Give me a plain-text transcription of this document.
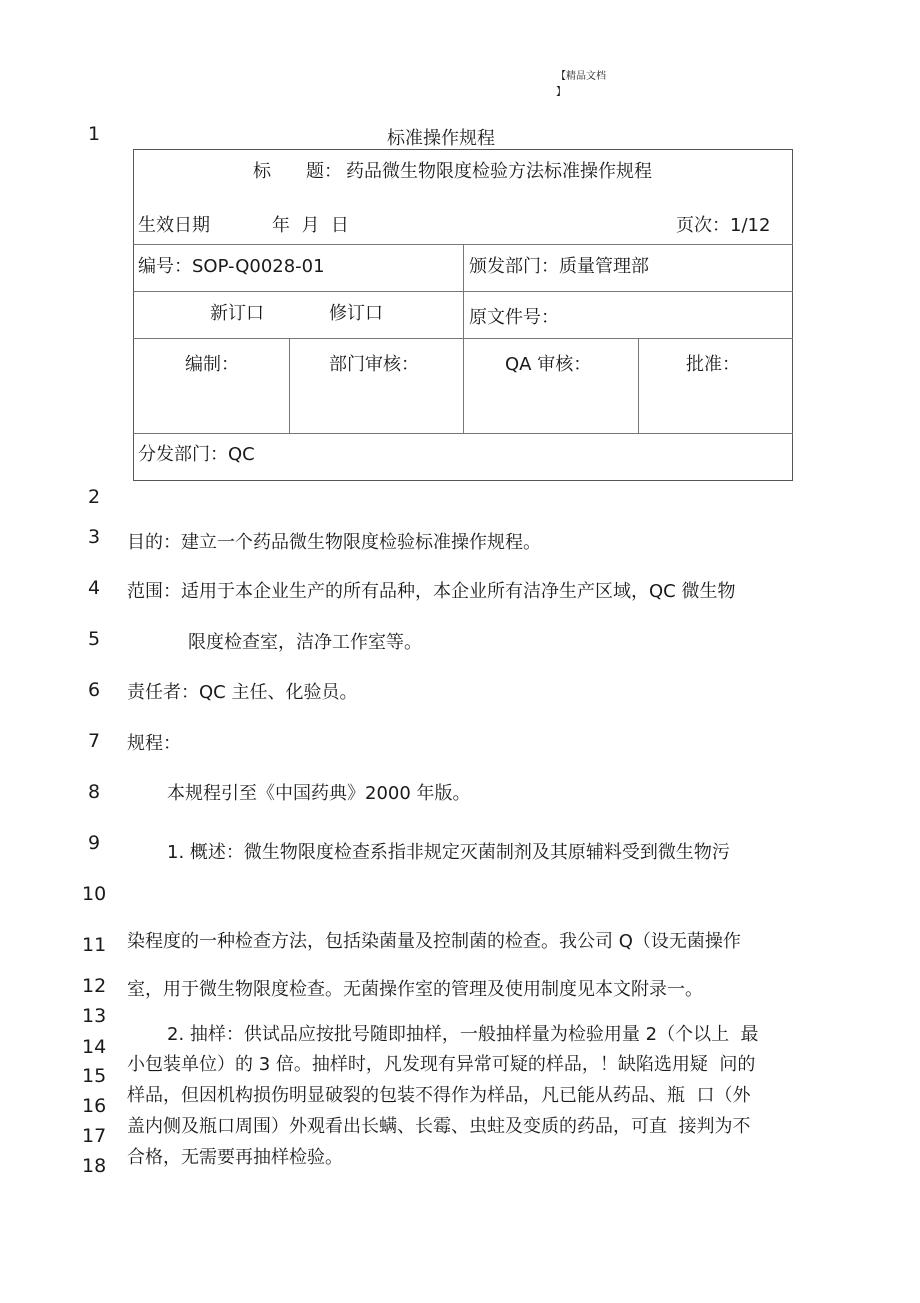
【精品文档
】
1
2
3
4
5
6
7
8
9
10
11
12
13
14
15
16
17
18
标准操作规程
标 题： 药品微生物限度检验方法标准操作规程
生效日期	年  月  日	页次：1/12
编号：SOP-Q0028-01	颁发部门：质量管理部
新订口	修订口	原文件号：
编制：	部门审核：	QA 审核：	批准：
分发部门：QC
目的：建立一个药品微生物限度检验标准操作规程。
范围：适用于本企业生产的所有品种，本企业所有洁净生产区域，QC 微生物
限度检查室，洁净工作室等。
责任者：QC 主任、化验员。
规程：
本规程引至《中国药典》2000 年版。
1. 概述：微生物限度检查系指非规定灭菌制剂及其原辅料受到微生物污
染程度的一种检查方法，包括染菌量及控制菌的检查。我公司 Q（设无菌操作
室，用于微生物限度检查。无菌操作室的管理及使用制度见本文附录一。
2. 抽样：供试品应按批号随即抽样，一般抽样量为检验用量 2（个以上  最
小包装单位）的 3 倍。抽样时，凡发现有异常可疑的样品，！缺陷选用疑  问的
样品，但因机构损伤明显破裂的包装不得作为样品，凡已能从药品、瓶  口（外
盖内侧及瓶口周围）外观看出长螨、长霉、虫蛀及变质的药品，可直  接判为不
合格，无需要再抽样检验。
